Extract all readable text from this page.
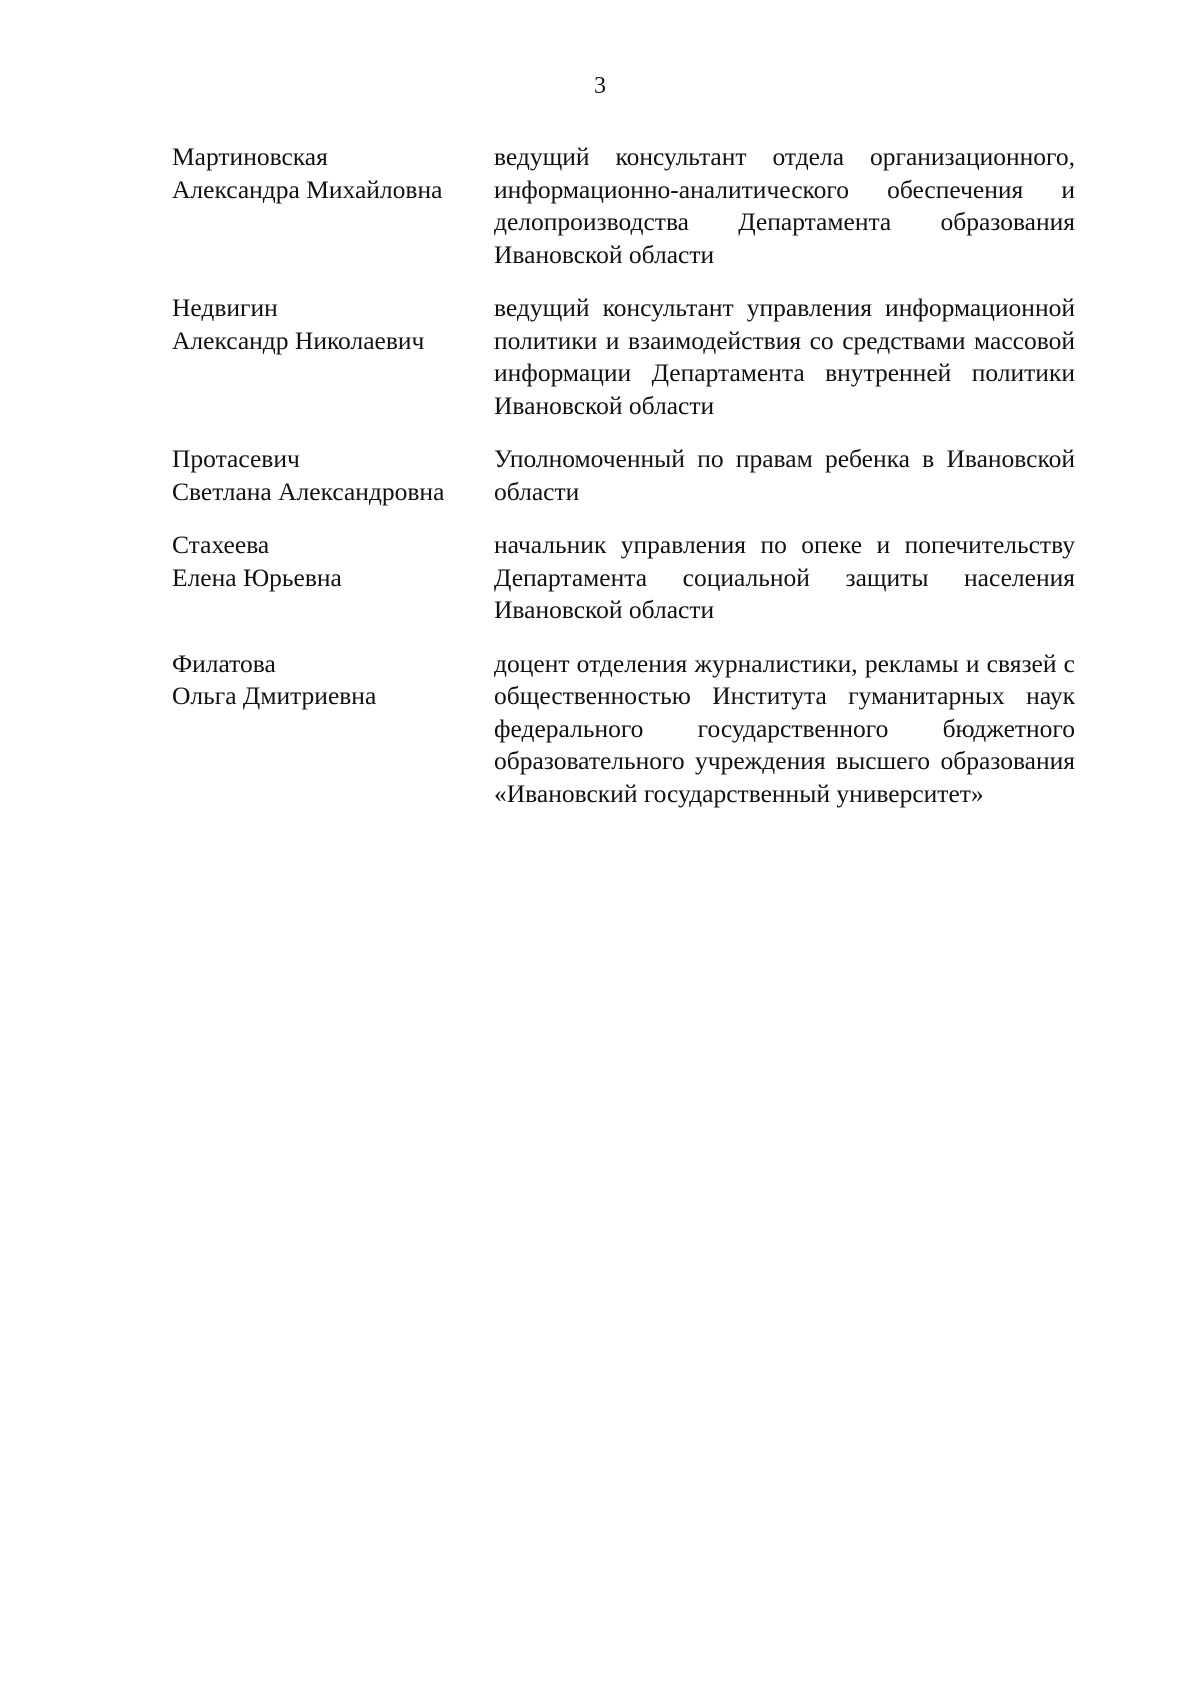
3
Мартиновская
Александра Михайловна
ведущий консультант отдела организационного, информационно-аналитического обеспечения и делопроизводства Департамента образования Ивановской области
Недвигин
Александр Николаевич
ведущий консультант управления информационной политики и взаимодействия со средствами массовой информации Департамента внутренней политики Ивановской области
Протасевич
Светлана Александровна
Уполномоченный по правам ребенка в Ивановской области
Стахеева
Елена Юрьевна
начальник управления по опеке и попечительству Департамента социальной защиты населения Ивановской области
Филатова
Ольга Дмитриевна
доцент отделения журналистики, рекламы и связей с общественностью Института гуманитарных наук федерального государственного бюджетного образовательного учреждения высшего образования «Ивановский государственный университет»
